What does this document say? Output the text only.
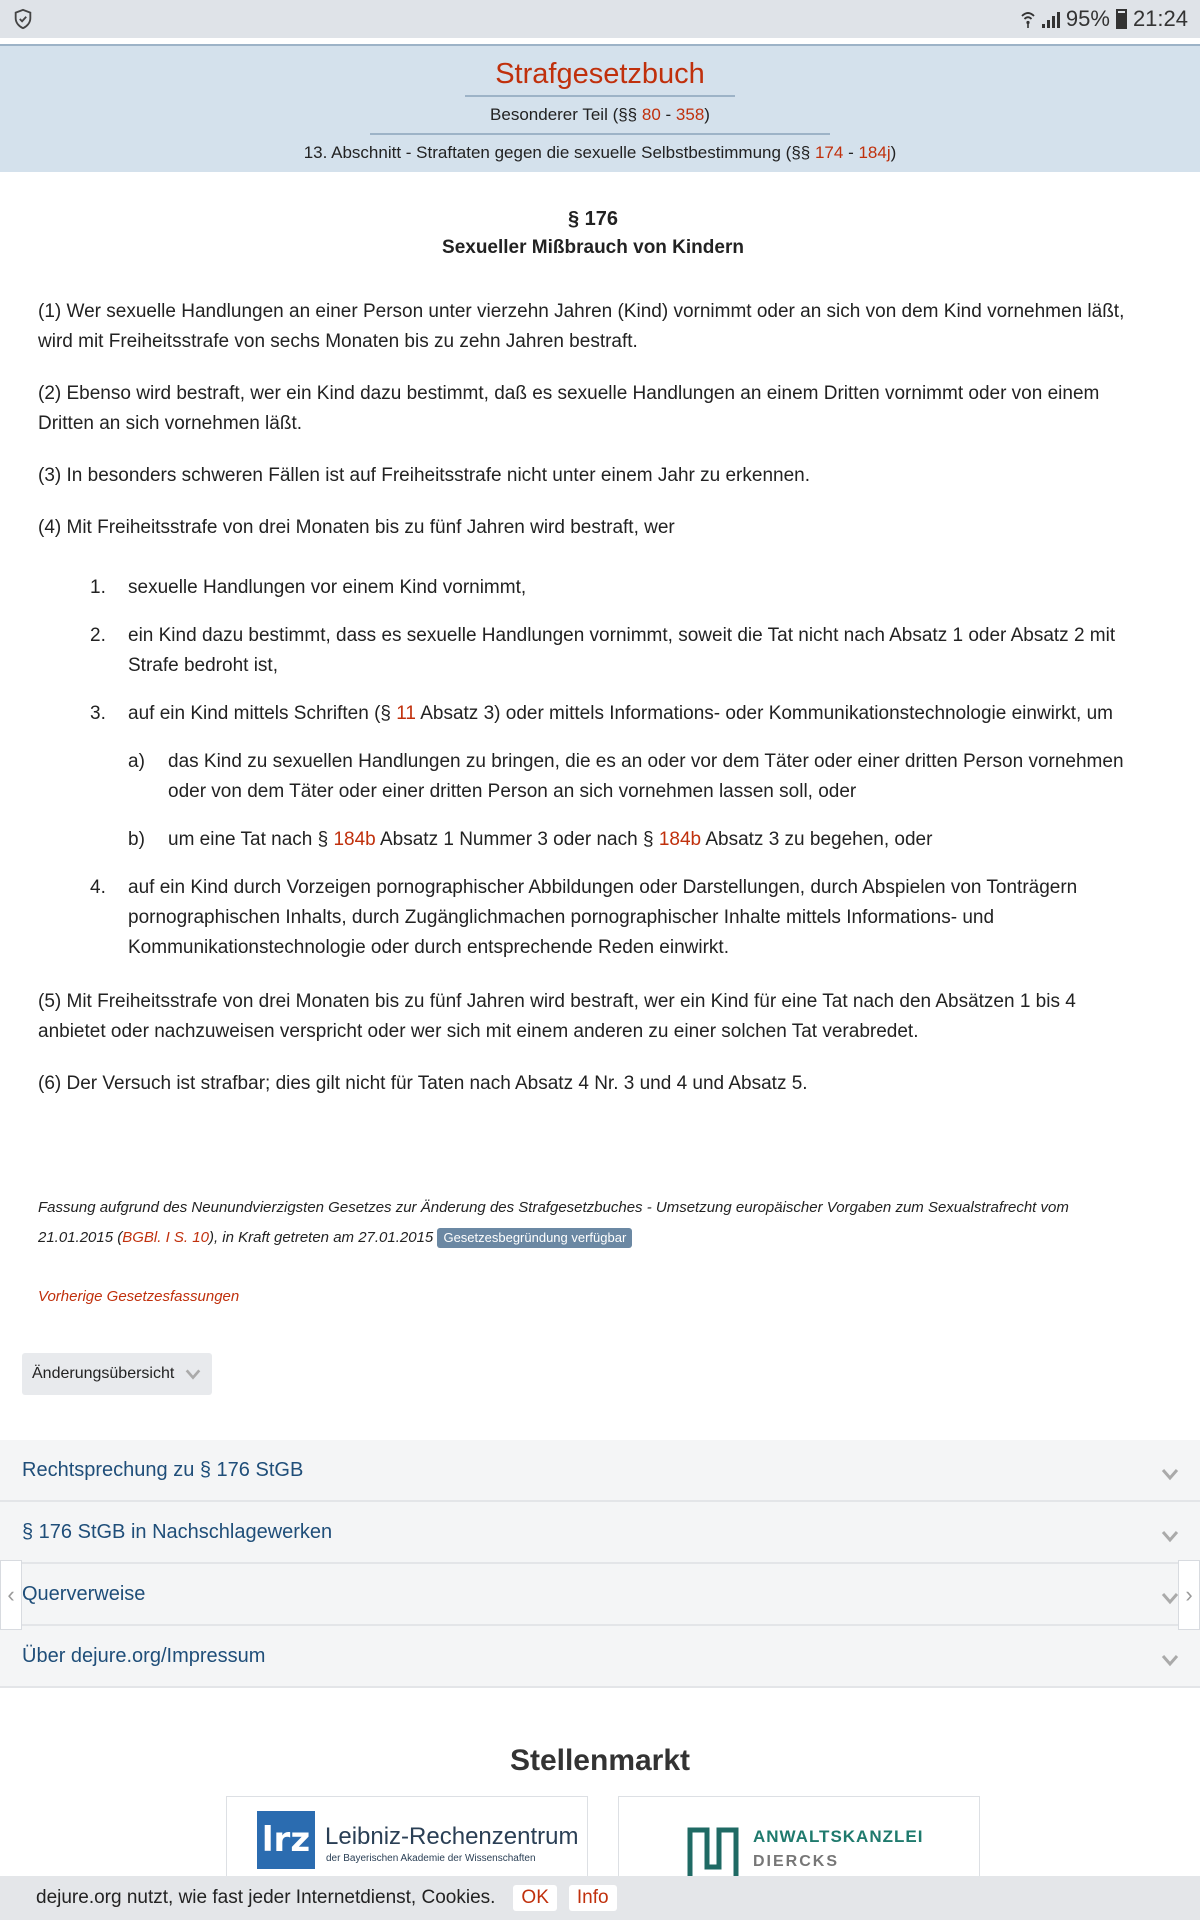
95% 21:24
Strafgesetzbuch
Besonderer Teil (§§ 80 - 358)
13. Abschnitt - Straftaten gegen die sexuelle Selbstbestimmung (§§ 174 - 184j)
§ 176
Sexueller Mißbrauch von Kindern

(1) Wer sexuelle Handlungen an einer Person unter vierzehn Jahren (Kind) vornimmt oder an sich von dem Kind vornehmen läßt, wird mit Freiheitsstrafe von sechs Monaten bis zu zehn Jahren bestraft.

(2) Ebenso wird bestraft, wer ein Kind dazu bestimmt, daß es sexuelle Handlungen an einem Dritten vornimmt oder von einem Dritten an sich vornehmen läßt.

(3) In besonders schweren Fällen ist auf Freiheitsstrafe nicht unter einem Jahr zu erkennen.

(4) Mit Freiheitsstrafe von drei Monaten bis zu fünf Jahren wird bestraft, wer

1. sexuelle Handlungen vor einem Kind vornimmt,
2. ein Kind dazu bestimmt, dass es sexuelle Handlungen vornimmt, soweit die Tat nicht nach Absatz 1 oder Absatz 2 mit Strafe bedroht ist,
3. auf ein Kind mittels Schriften (§ 11 Absatz 3) oder mittels Informations- oder Kommunikationstechnologie einwirkt, um
a)	das Kind zu sexuellen Handlungen zu bringen, die es an oder vor dem Täter oder einer dritten Person vornehmen oder von dem Täter oder einer dritten Person an sich vornehmen lassen soll, oder
b)	um eine Tat nach § 184b Absatz 1 Nummer 3 oder nach § 184b Absatz 3 zu begehen, oder
4. auf ein Kind durch Vorzeigen pornographischer Abbildungen oder Darstellungen, durch Abspielen von Tonträgern pornographischen Inhalts, durch Zugänglichmachen pornographischer Inhalte mittels Informations- und Kommunikationstechnologie oder durch entsprechende Reden einwirkt.

(5) Mit Freiheitsstrafe von drei Monaten bis zu fünf Jahren wird bestraft, wer ein Kind für eine Tat nach den Absätzen 1 bis 4 anbietet oder nachzuweisen verspricht oder wer sich mit einem anderen zu einer solchen Tat verabredet.

(6) Der Versuch ist strafbar; dies gilt nicht für Taten nach Absatz 4 Nr. 3 und 4 und Absatz 5.

Fassung aufgrund des Neunundvierzigsten Gesetzes zur Änderung des Strafgesetzbuches - Umsetzung europäischer Vorgaben zum Sexualstrafrecht vom 21.01.2015 (BGBl. I S. 10), in Kraft getreten am 27.01.2015 Gesetzesbegründung verfügbar
Vorherige Gesetzesfassungen
Änderungsübersicht
Rechtsprechung zu § 176 StGB
§ 176 StGB in Nachschlagewerken
Querverweise
Über dejure.org/Impressum
‹	›
Stellenmarkt
lrz Leibniz-Rechenzentrum
der Bayerischen Akademie der Wissenschaften
ANWALTSKANZLEI
DIERCKS
dejure.org nutzt, wie fast jeder Internetdienst, Cookies.	OK	Info
